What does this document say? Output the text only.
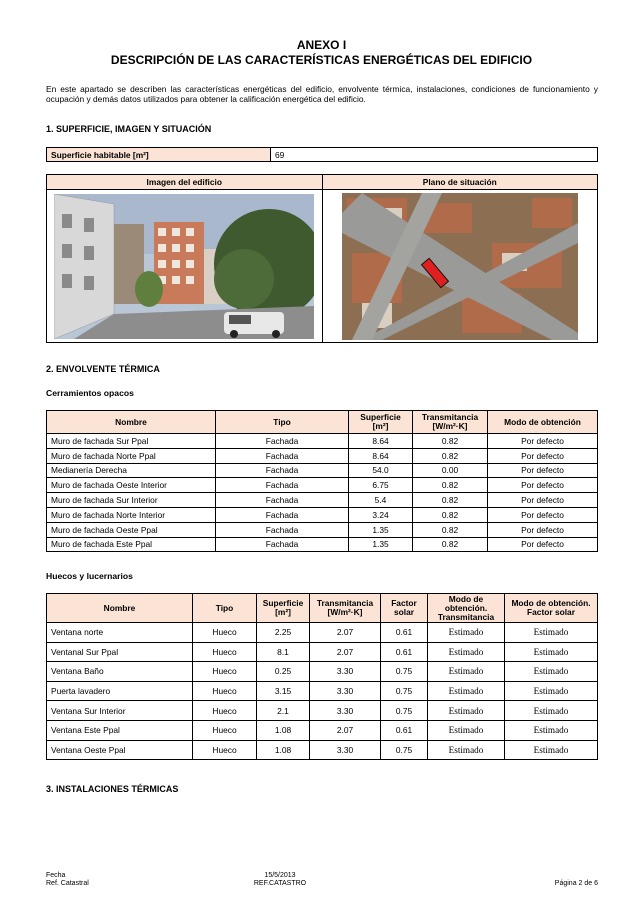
ANEXO I
DESCRIPCIÓN DE LAS CARACTERÍSTICAS ENERGÉTICAS DEL EDIFICIO
En este apartado se describen las características energéticas del edificio, envolvente térmica, instalaciones, condiciones de funcionamiento y ocupación y demás datos utilizados para obtener la calificación energética del edificio.
1. SUPERFICIE, IMAGEN Y SITUACIÓN
Superficie habitable [m²]	69
Imagen del edificio	Plano de situación

2. ENVOLVENTE TÉRMICA
Cerramientos opacos
Nombre	Tipo	Superficie [m²]	Transmitancia [W/m²·K]	Modo de obtención
Muro de fachada Sur Ppal	Fachada	8.64	0.82	Por defecto
Muro de fachada Norte Ppal	Fachada	8.64	0.82	Por defecto
Medianería Derecha	Fachada	54.0	0.00	Por defecto
Muro de fachada Oeste Interior	Fachada	6.75	0.82	Por defecto
Muro de fachada Sur Interior	Fachada	5.4	0.82	Por defecto
Muro de fachada Norte Interior	Fachada	3.24	0.82	Por defecto
Muro de fachada Oeste Ppal	Fachada	1.35	0.82	Por defecto
Muro de fachada Este Ppal	Fachada	1.35	0.82	Por defecto
Huecos y lucernarios
Nombre	Tipo	Superficie [m²]	Transmitancia [W/m²·K]	Factor solar	Modo de obtención. Transmitancia	Modo de obtención. Factor solar
Ventana norte	Hueco	2.25	2.07	0.61	Estimado	Estimado
Ventanal Sur Ppal	Hueco	8.1	2.07	0.61	Estimado	Estimado
Ventana Baño	Hueco	0.25	3.30	0.75	Estimado	Estimado
Puerta lavadero	Hueco	3.15	3.30	0.75	Estimado	Estimado
Ventana Sur Interior	Hueco	2.1	3.30	0.75	Estimado	Estimado
Ventana Este Ppal	Hueco	1.08	2.07	0.61	Estimado	Estimado
Ventana Oeste Ppal	Hueco	1.08	3.30	0.75	Estimado	Estimado
3. INSTALACIONES TÉRMICAS
Fecha
Ref. Catastral
15/5/2013
REF.CATASTRO	Página 2 de 6
